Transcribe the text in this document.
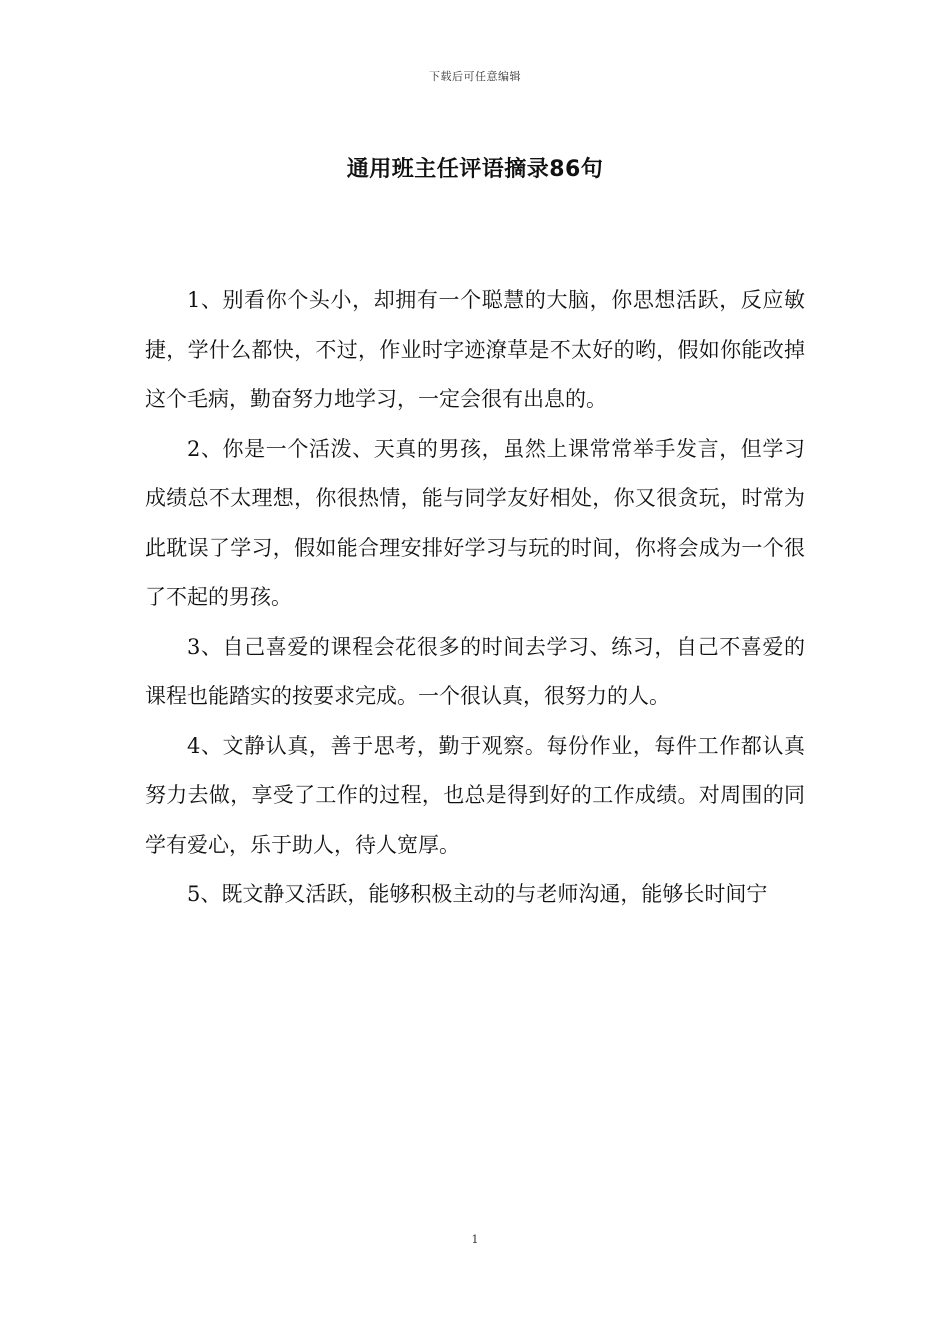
下载后可任意编辑
通用班主任评语摘录86句

1、别看你个头小，却拥有一个聪慧的大脑，你思想活跃，反应敏捷，学什么都快，不过，作业时字迹潦草是不太好的哟，假如你能改掉这个毛病，勤奋努力地学习，一定会很有出息的。

2、你是一个活泼、天真的男孩，虽然上课常常举手发言，但学习成绩总不太理想，你很热情，能与同学友好相处，你又很贪玩，时常为此耽误了学习，假如能合理安排好学习与玩的时间，你将会成为一个很了不起的男孩。

3、自己喜爱的课程会花很多的时间去学习、练习，自己不喜爱的课程也能踏实的按要求完成。一个很认真，很努力的人。

4、文静认真，善于思考，勤于观察。每份作业，每件工作都认真努力去做，享受了工作的过程，也总是得到好的工作成绩。对周围的同学有爱心，乐于助人，待人宽厚。

5、既文静又活跃，能够积极主动的与老师沟通，能够长时间宁

1
